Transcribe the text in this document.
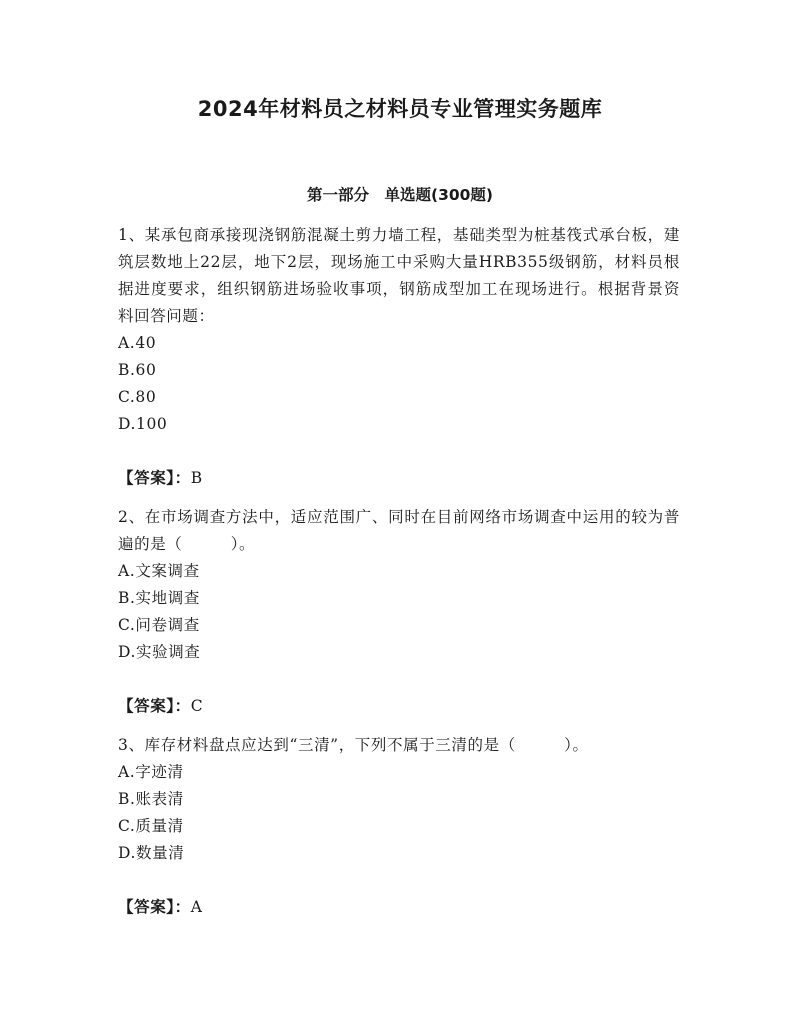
2024年材料员之材料员专业管理实务题库
第一部分　单选题(300题)
1、某承包商承接现浇钢筋混凝土剪力墙工程，基础类型为桩基筏式承台板，建筑层数地上22层，地下2层，现场施工中采购大量HRB355级钢筋，材料员根据进度要求，组织钢筋进场验收事项，钢筋成型加工在现场进行。根据背景资料回答问题：
A.40
B.60
C.80
D.100
【答案】：B
2、在市场调查方法中，适应范围广、同时在目前网络市场调查中运用的较为普遍的是（　　　）。
A.文案调查
B.实地调查
C.问卷调查
D.实验调查
【答案】：C
3、库存材料盘点应达到“三清”，下列不属于三清的是（　　　）。
A.字迹清
B.账表清
C.质量清
D.数量清
【答案】：A
